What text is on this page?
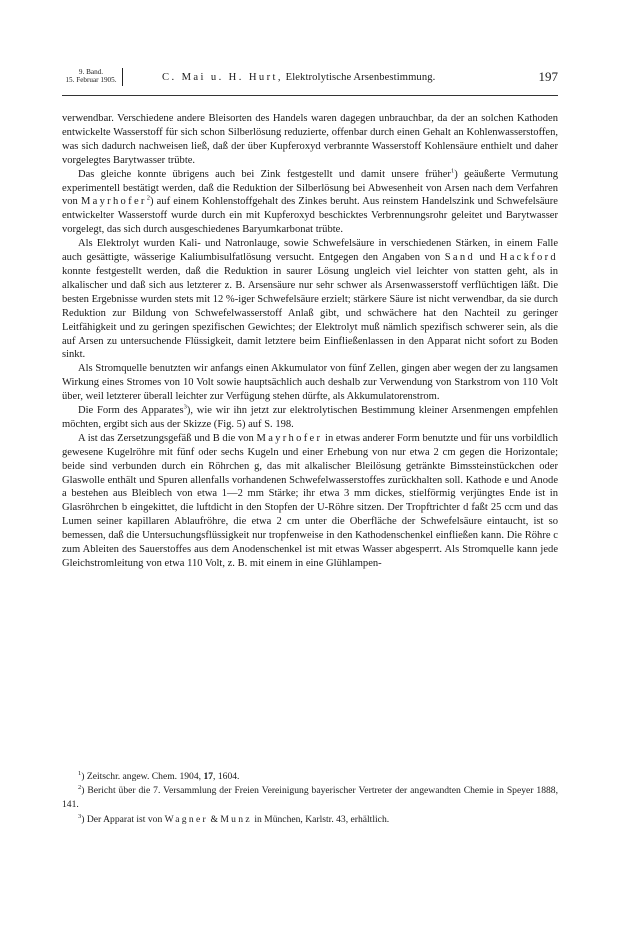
9. Band.
15. Februar 1905.	C. Mai u. H. Hurt, Elektrolytische Arsenbestimmung.	197

verwendbar. Verschiedene andere Bleisorten des Handels waren dagegen unbrauchbar, da der an solchen Kathoden entwickelte Wasserstoff für sich schon Silberlösung reduzierte, offenbar durch einen Gehalt an Kohlenwasserstoffen, was sich dadurch nachweisen ließ, daß der über Kupferoxyd verbrannte Wasserstoff Kohlensäure enthielt und daher vorgelegtes Barytwasser trübte.

Das gleiche konnte übrigens auch bei Zink festgestellt und damit unsere früher$^1$) geäußerte Vermutung experimentell bestätigt werden, daß die Reduktion der Silberlösung bei Abwesenheit von Arsen nach dem Verfahren von Mayrhofer$^2$) auf einem Kohlenstoffgehalt des Zinkes beruht. Aus reinstem Handelszink und Schwefelsäure entwickelter Wasserstoff wurde durch ein mit Kupferoxyd beschicktes Verbrennungsrohr geleitet und Barytwasser vorgelegt, das sich durch ausgeschiedenes Baryumkarbonat trübte.

Als Elektrolyt wurden Kali- und Natronlauge, sowie Schwefelsäure in verschiedenen Stärken, in einem Falle auch gesättigte, wässerige Kaliumbisulfatlösung versucht. Entgegen den Angaben von Sand und Hackford konnte festgestellt werden, daß die Reduktion in saurer Lösung ungleich viel leichter von statten geht, als in alkalischer und daß sich aus letzterer z. B. Arsensäure nur sehr schwer als Arsenwasserstoff verflüchtigen läßt. Die besten Ergebnisse wurden stets mit 12 %-iger Schwefelsäure erzielt; stärkere Säure ist nicht verwendbar, da sie durch Reduktion zur Bildung von Schwefelwasserstoff Anlaß gibt, und schwächere hat den Nachteil zu geringer Leitfähigkeit und zu geringen spezifischen Gewichtes; der Elektrolyt muß nämlich spezifisch schwerer sein, als die auf Arsen zu untersuchende Flüssigkeit, damit letztere beim Einfließenlassen in den Apparat nicht sofort zu Boden sinkt.

Als Stromquelle benutzten wir anfangs einen Akkumulator von fünf Zellen, gingen aber wegen der zu langsamen Wirkung eines Stromes von 10 Volt sowie hauptsächlich auch deshalb zur Verwendung von Starkstrom von 110 Volt über, weil letzterer überall leichter zur Verfügung stehen dürfte, als Akkumulatorenstrom.

Die Form des Apparates$^3$), wie wir ihn jetzt zur elektrolytischen Bestimmung kleiner Arsenmengen empfehlen möchten, ergibt sich aus der Skizze (Fig. 5) auf S. 198.

A ist das Zersetzungsgefäß und B die von Mayrhofer in etwas anderer Form benutzte und für uns vorbildlich gewesene Kugelröhre mit fünf oder sechs Kugeln und einer Erhebung von nur etwa 2 cm gegen die Horizontale; beide sind verbunden durch ein Röhrchen g, das mit alkalischer Bleilösung getränkte Bimssteinstückchen oder Glaswolle enthält und Spuren allenfalls vorhandenen Schwefelwasserstoffes zurückhalten soll. Kathode e und Anode a bestehen aus Bleiblech von etwa 1—2 mm Stärke; ihr etwa 3 mm dickes, stielförmig verjüngtes Ende ist in Glasröhrchen b eingekittet, die luftdicht in den Stopfen der U-Röhre sitzen. Der Tropftrichter d faßt 25 ccm und das Lumen seiner kapillaren Ablaufröhre, die etwa 2 cm unter die Oberfläche der Schwefelsäure eintaucht, ist so bemessen, daß die Untersuchungsflüssigkeit nur tropfenweise in den Kathodenschenkel einfließen kann. Die Röhre c zum Ableiten des Sauerstoffes aus dem Anodenschenkel ist mit etwas Wasser abgesperrt. Als Stromquelle kann jede Gleichstromleitung von etwa 110 Volt, z. B. mit einem in eine Glühlampen-

$^1$) Zeitschr. angew. Chem. 1904, 17, 1604.

$^2$) Bericht über die 7. Versammlung der Freien Vereinigung bayerischer Vertreter der angewandten Chemie in Speyer 1888, 141.

$^3$) Der Apparat ist von Wagner & Munz in München, Karlstr. 43, erhältlich.
